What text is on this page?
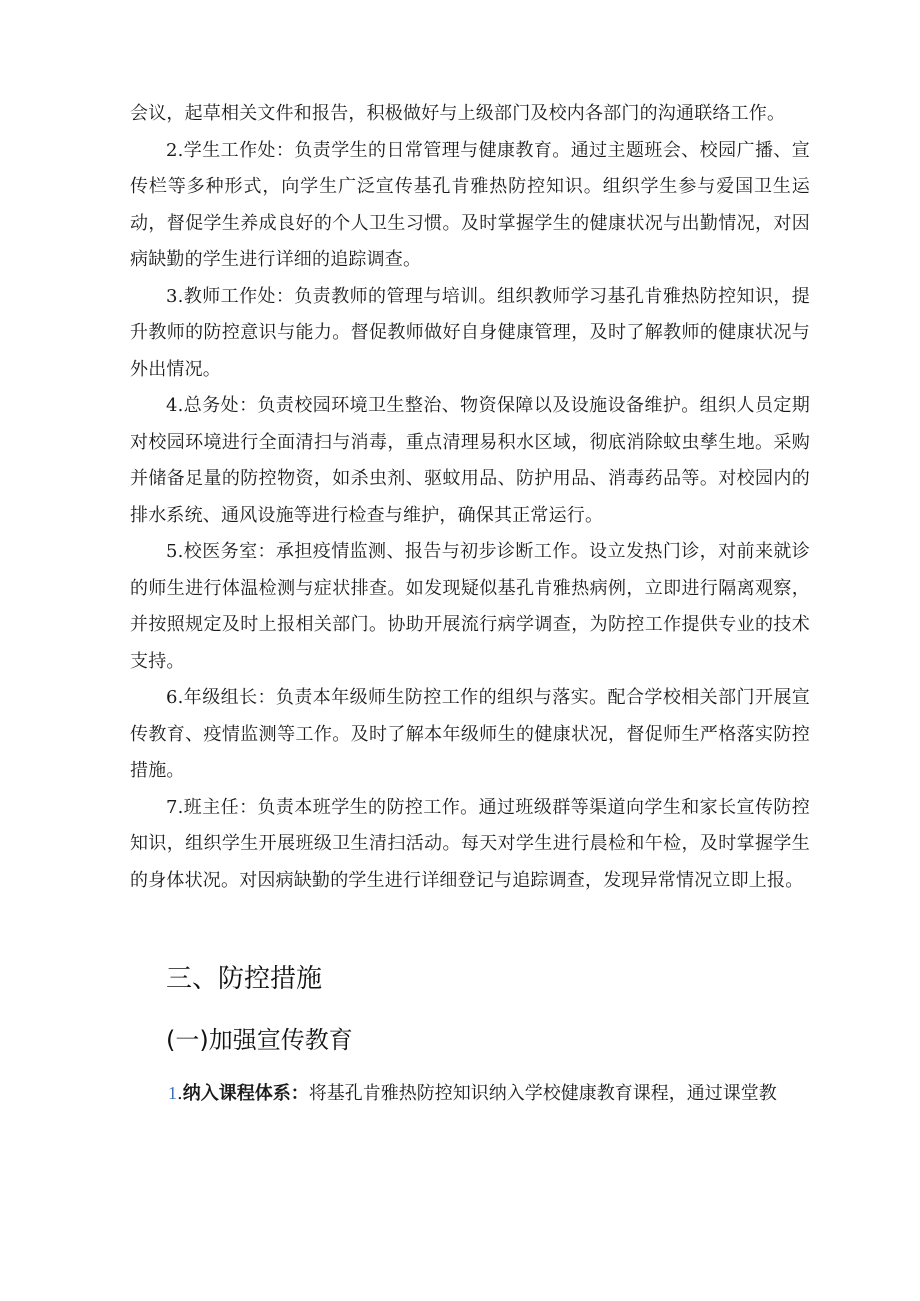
会议，起草相关文件和报告，积极做好与上级部门及校内各部门的沟通联络工作。

2.学生工作处：负责学生的日常管理与健康教育。通过主题班会、校园广播、宣传栏等多种形式，向学生广泛宣传基孔肯雅热防控知识。组织学生参与爱国卫生运动，督促学生养成良好的个人卫生习惯。及时掌握学生的健康状况与出勤情况，对因病缺勤的学生进行详细的追踪调查。

3.教师工作处：负责教师的管理与培训。组织教师学习基孔肯雅热防控知识，提升教师的防控意识与能力。督促教师做好自身健康管理，及时了解教师的健康状况与外出情况。

4.总务处：负责校园环境卫生整治、物资保障以及设施设备维护。组织人员定期对校园环境进行全面清扫与消毒，重点清理易积水区域，彻底消除蚊虫孳生地。采购并储备足量的防控物资，如杀虫剂、驱蚊用品、防护用品、消毒药品等。对校园内的排水系统、通风设施等进行检查与维护，确保其正常运行。

5.校医务室：承担疫情监测、报告与初步诊断工作。设立发热门诊，对前来就诊的师生进行体温检测与症状排查。如发现疑似基孔肯雅热病例，立即进行隔离观察，并按照规定及时上报相关部门。协助开展流行病学调查，为防控工作提供专业的技术支持。

6.年级组长：负责本年级师生防控工作的组织与落实。配合学校相关部门开展宣传教育、疫情监测等工作。及时了解本年级师生的健康状况，督促师生严格落实防控措施。

7.班主任：负责本班学生的防控工作。通过班级群等渠道向学生和家长宣传防控知识，组织学生开展班级卫生清扫活动。每天对学生进行晨检和午检，及时掌握学生的身体状况。对因病缺勤的学生进行详细登记与追踪调查，发现异常情况立即上报。

三、防控措施
(一)加强宣传教育
1.纳入课程体系：将基孔肯雅热防控知识纳入学校健康教育课程，通过课堂教
